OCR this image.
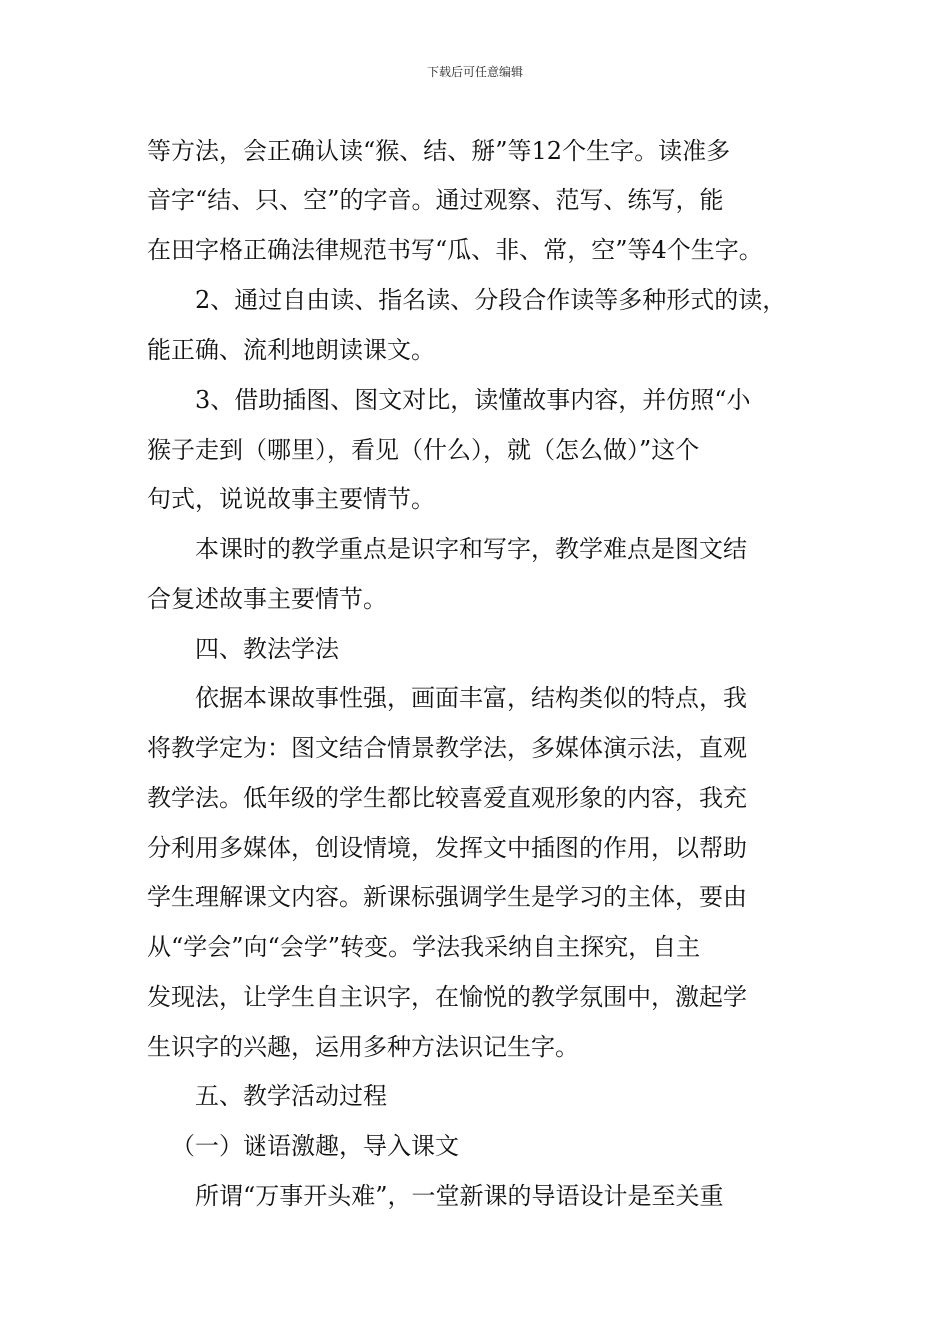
下载后可任意编辑
等方法，会正确认读“猴、结、掰”等12个生字。读准多
音字“结、只、空”的字音。通过观察、范写、练写，能
在田字格正确法律规范书写“瓜、非、常，空”等4个生字。
2、通过自由读、指名读、分段合作读等多种形式的读，
能正确、流利地朗读课文。
3、借助插图、图文对比，读懂故事内容，并仿照“小
猴子走到（哪里），看见（什么），就（怎么做）”这个
句式，说说故事主要情节。
本课时的教学重点是识字和写字，教学难点是图文结
合复述故事主要情节。
四、教法学法
依据本课故事性强，画面丰富，结构类似的特点，我
将教学定为：图文结合情景教学法，多媒体演示法，直观
教学法。低年级的学生都比较喜爱直观形象的内容，我充
分利用多媒体，创设情境，发挥文中插图的作用，以帮助
学生理解课文内容。新课标强调学生是学习的主体，要由
从“学会”向“会学”转变。学法我采纳自主探究，自主
发现法，让学生自主识字，在愉悦的教学氛围中，激起学
生识字的兴趣，运用多种方法识记生字。
五、教学活动过程
（一）谜语激趣，导入课文
所谓“万事开头难”，一堂新课的导语设计是至关重
